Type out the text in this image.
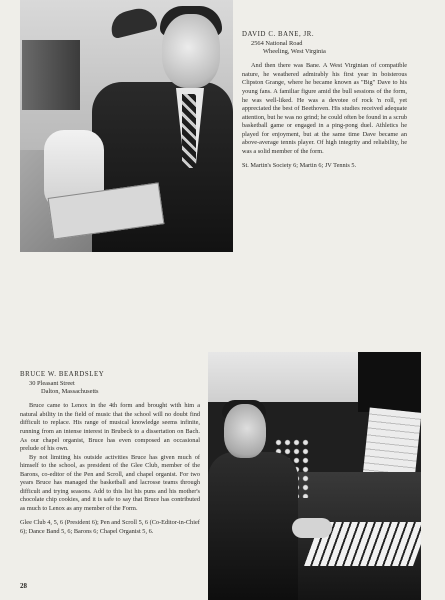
DAVID C. BANE, JR.

2564 National Road

Wheeling, West Virginia

And then there was Bane. A West Virginian of compatible nature, he weathered admirably his first year in boisterous Clipston Grange, where he became known as "Big" Dave to his young fans. A familiar figure amid the bull sessions of the form, he was well-liked. He was a devotee of rock 'n roll, yet appreciated the best of Beethoven. His studies received adequate attention, but he was no grind; he could often be found in a scrub basketball game or engaged in a ping-pong duel. Athletics he played for enjoyment, but at the same time Dave became an above-average tennis player. Of high integrity and reliability, he was a solid member of the form.

St. Martin's Society 6; Martin 6; JV Tennis 5.

BRUCE W. BEARDSLEY

30 Pleasant Street

Dalton, Massachusetts

Bruce came to Lenox in the 4th form and brought with him a natural ability in the field of music that the school will no doubt find difficult to replace. His range of musical knowledge seems infinite, running from an intense interest in Brubeck to a dissertation on Bach. As our chapel organist, Bruce has even composed an occasional prelude of his own.

By not limiting his outside activities Bruce has given much of himself to the school, as president of the Glee Club, member of the Barons, co-editor of the Pen and Scroll, and chapel organist. For two years Bruce has managed the basketball and lacrosse teams through difficult and trying seasons. Add to this list his puns and his mother's chocolate chip cookies, and it is safe to say that Bruce has contributed as much to Lenox as any member of the Form.

Glee Club 4, 5, 6 (President 6); Pen and Scroll 5, 6 (Co-Editor-in-Chief 6); Dance Band 5, 6; Barons 6; Chapel Organist 5, 6.

28
